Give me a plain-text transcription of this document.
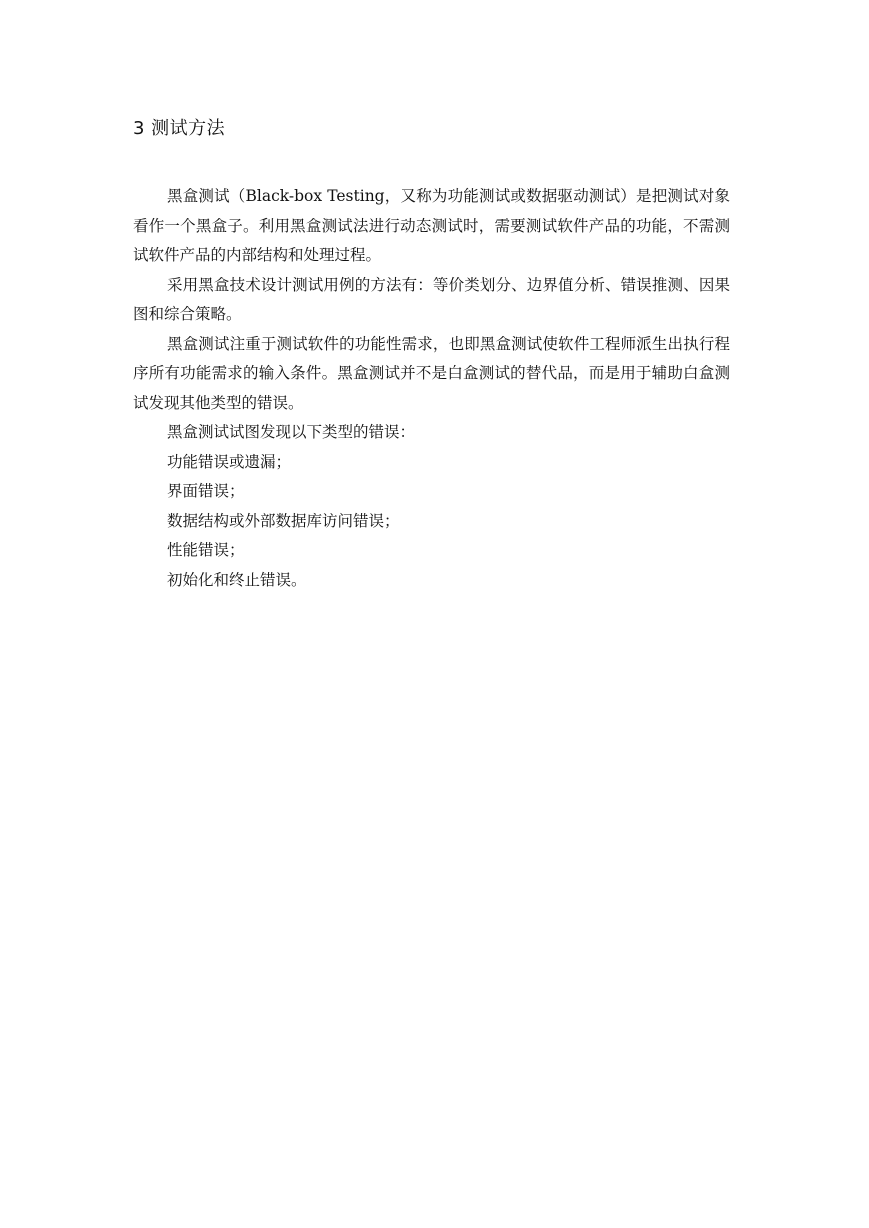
3 测试方法

黑盒测试（Black-box Testing，又称为功能测试或数据驱动测试）是把测试对象看作一个黑盒子。利用黑盒测试法进行动态测试时，需要测试软件产品的功能，不需测试软件产品的内部结构和处理过程。

采用黑盒技术设计测试用例的方法有：等价类划分、边界值分析、错误推测、因果图和综合策略。

黑盒测试注重于测试软件的功能性需求，也即黑盒测试使软件工程师派生出执行程序所有功能需求的输入条件。黑盒测试并不是白盒测试的替代品，而是用于辅助白盒测试发现其他类型的错误。

黑盒测试试图发现以下类型的错误：

功能错误或遗漏；
界面错误；
数据结构或外部数据库访问错误；
性能错误；
初始化和终止错误。
